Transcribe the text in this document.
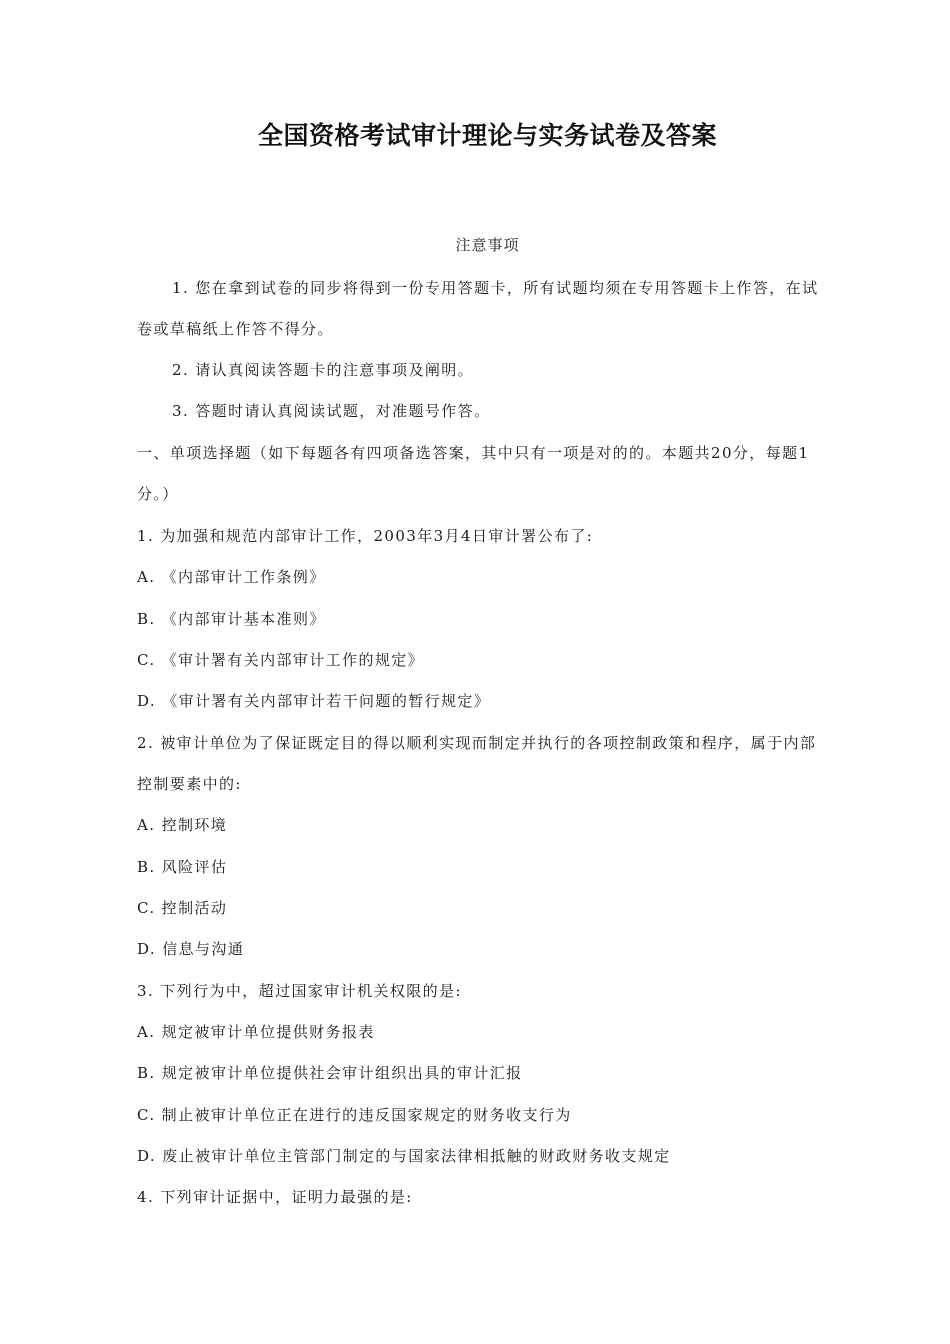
全国资格考试审计理论与实务试卷及答案
注意事项
1. 您在拿到试卷的同步将得到一份专用答题卡，所有试题均须在专用答题卡上作答，在试
卷或草稿纸上作答不得分。
2. 请认真阅读答题卡的注意事项及阐明。
3. 答题时请认真阅读试题，对准题号作答。
一、单项选择题（如下每题各有四项备选答案，其中只有一项是对的的。本题共20分，每题1
分。）
1. 为加强和规范内部审计工作，2003年3月4日审计署公布了:
A. 《内部审计工作条例》
B. 《内部审计基本准则》
C. 《审计署有关内部审计工作的规定》
D. 《审计署有关内部审计若干问题的暂行规定》
2. 被审计单位为了保证既定目的得以顺利实现而制定并执行的各项控制政策和程序，属于内部
控制要素中的:
A. 控制环境
B. 风险评估
C. 控制活动
D. 信息与沟通
3. 下列行为中，超过国家审计机关权限的是:
A. 规定被审计单位提供财务报表
B. 规定被审计单位提供社会审计组织出具的审计汇报
C. 制止被审计单位正在进行的违反国家规定的财务收支行为
D. 废止被审计单位主管部门制定的与国家法律相抵触的财政财务收支规定
4. 下列审计证据中，证明力最强的是:
